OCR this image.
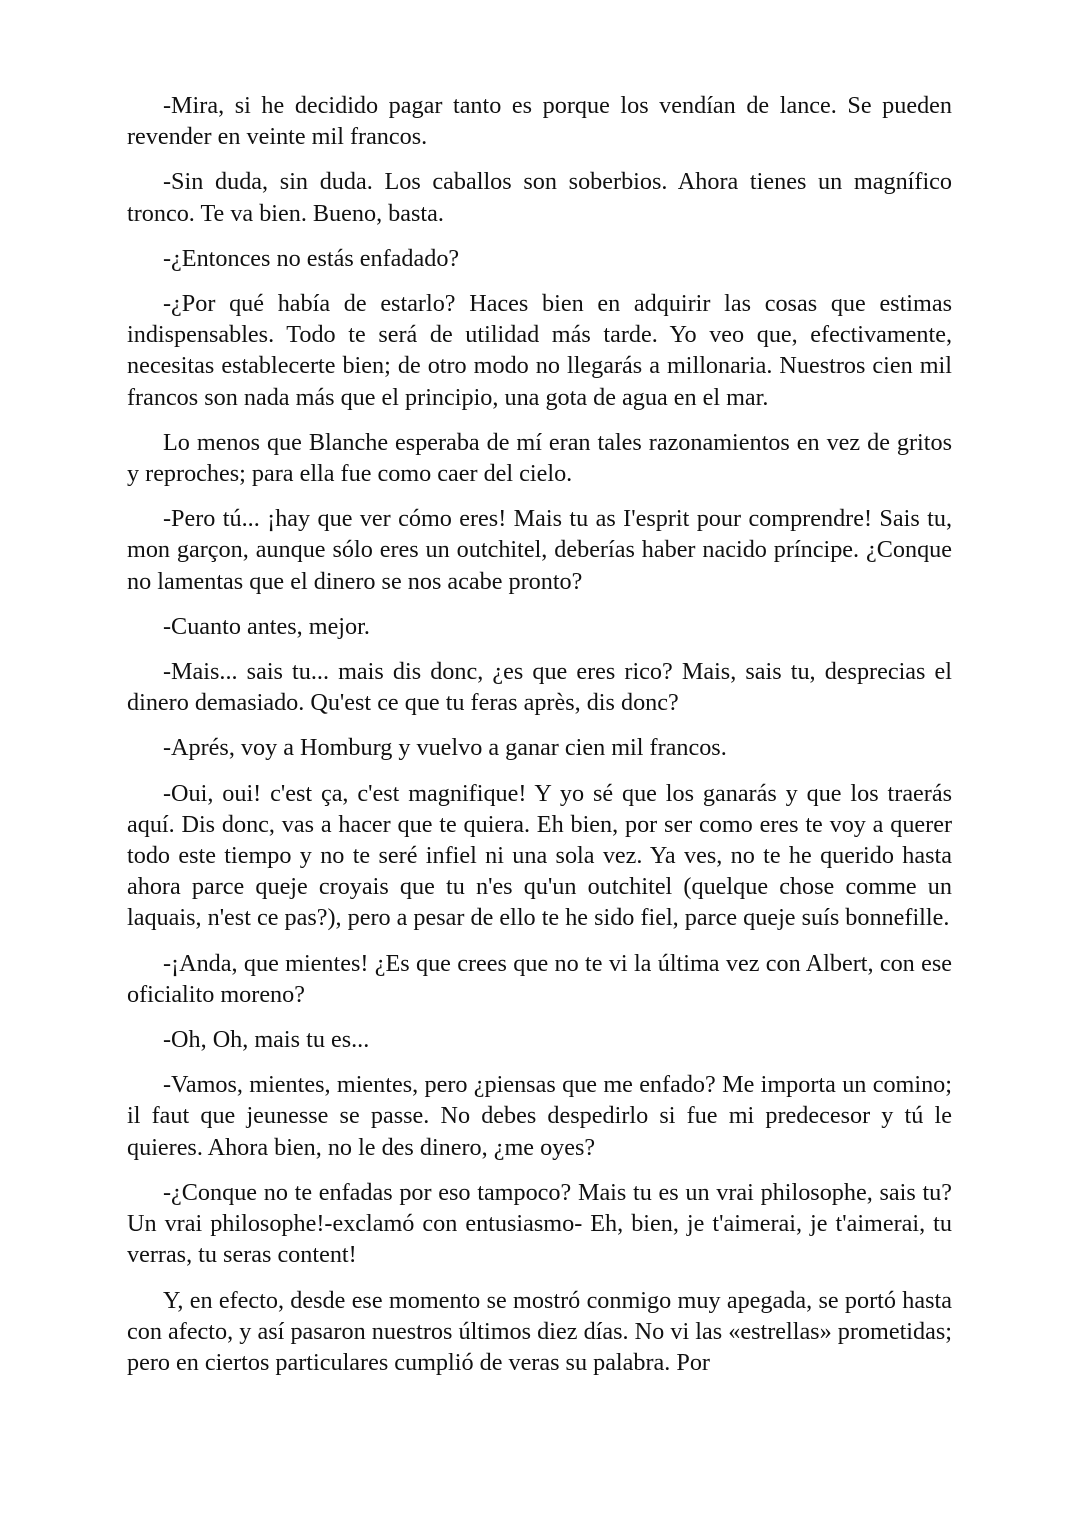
-Mira, si he decidido pagar tanto es porque los vendían de lance. Se pueden revender en veinte mil francos.

-Sin duda, sin duda. Los caballos son soberbios. Ahora tienes un magnífico tronco. Te va bien. Bueno, basta.

-¿Entonces no estás enfadado?

-¿Por qué había de estarlo? Haces bien en adquirir las cosas que estimas indispensables. Todo te será de utilidad más tarde. Yo veo que, efectivamente, necesitas establecerte bien; de otro modo no llegarás a millonaria. Nuestros cien mil francos son nada más que el principio, una gota de agua en el mar.

Lo menos que Blanche esperaba de mí eran tales razonamientos en vez de gritos y reproches; para ella fue como caer del cielo.

-Pero tú... ¡hay que ver cómo eres! Mais tu as I'esprit pour comprendre! Sais tu, mon garçon, aunque sólo eres un outchitel, deberías haber nacido príncipe. ¿Conque no lamentas que el dinero se nos acabe pronto?

-Cuanto antes, mejor.

-Mais... sais tu... mais dis donc, ¿es que eres rico? Mais, sais tu, desprecias el dinero demasiado. Qu'est ce que tu feras après, dis donc?

-Aprés, voy a Homburg y vuelvo a ganar cien mil francos.

-Oui, oui! c'est ça, c'est magnifique! Y yo sé que los ganarás y que los traerás aquí. Dis donc, vas a hacer que te quiera. Eh bien, por ser como eres te voy a querer todo este tiempo y no te seré infiel ni una sola vez. Ya ves, no te he querido hasta ahora parce queje croyais que tu n'es qu'un outchitel (quelque chose comme un laquais, n'est ce pas?), pero a pesar de ello te he sido fiel, parce queje suís bonnefille.

-¡Anda, que mientes! ¿Es que crees que no te vi la última vez con Albert, con ese oficialito moreno?

-Oh, Oh, mais tu es...

-Vamos, mientes, mientes, pero ¿piensas que me enfado? Me importa un comino; il faut que jeunesse se passe. No debes despedirlo si fue mi predecesor y tú le quieres. Ahora bien, no le des dinero, ¿me oyes?

-¿Conque no te enfadas por eso tampoco? Mais tu es un vrai philosophe, sais tu? Un vrai philosophe!-exclamó con entusiasmo- Eh, bien, je t'aimerai, je t'aimerai, tu verras, tu seras content!

Y, en efecto, desde ese momento se mostró conmigo muy apegada, se portó hasta con afecto, y así pasaron nuestros últimos diez días. No vi las «estrellas» prometidas; pero en ciertos particulares cumplió de veras su palabra. Por
